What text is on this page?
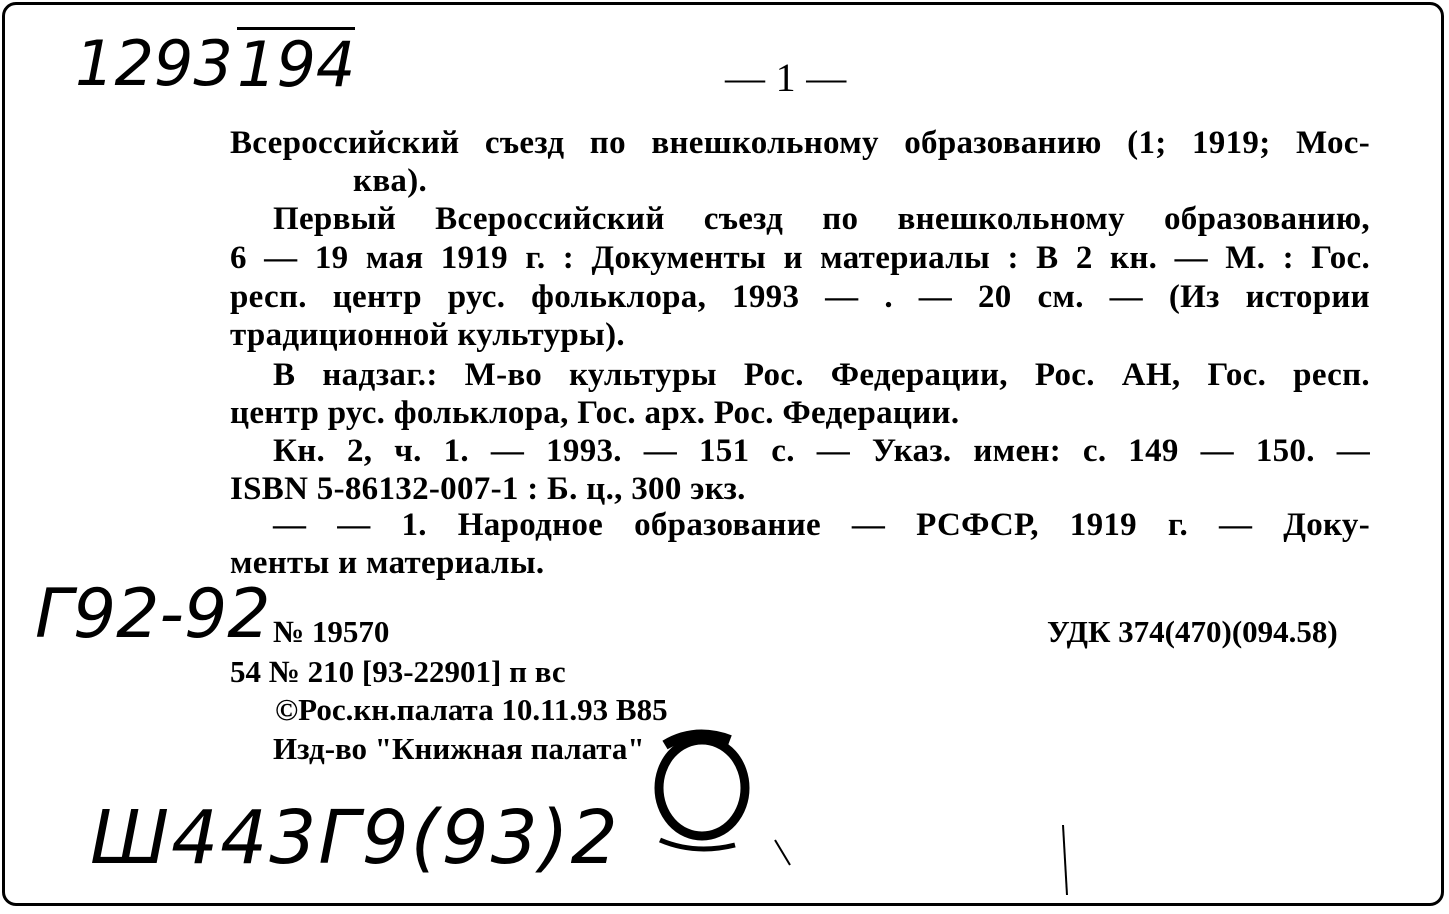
1293 194	— 1 —
Всероссийский съезд по внешкольному образованию (1; 1919; Мос-
ква).
Первый Всероссийский съезд по внешкольному образованию,
6 — 19 мая 1919 г. : Документы и материалы : В 2 кн. — М. : Гос.
респ. центр рус. фольклора, 1993 — . — 20 см. — (Из истории
традиционной культуры).
В надзаг.: М-во культуры Рос. Федерации, Рос. АН, Гос. респ.
центр рус. фольклора, Гос. арх. Рос. Федерации.
Кн. 2, ч. 1. — 1993. — 151 с. — Указ. имен: с. 149 — 150. —
ISBN 5-86132-007-1 : Б. ц., 300 экз.
— — 1. Народное образование — РСФСР, 1919 г. — Доку-
менты и материалы.
Г92-92 № 19570	УДК 374(470)(094.58)
54 № 210 [93-22901] п вс
©Рос.кн.палата 10.11.93 В85
Изд-во "Книжная палата"
Ш443Г9(93)2
